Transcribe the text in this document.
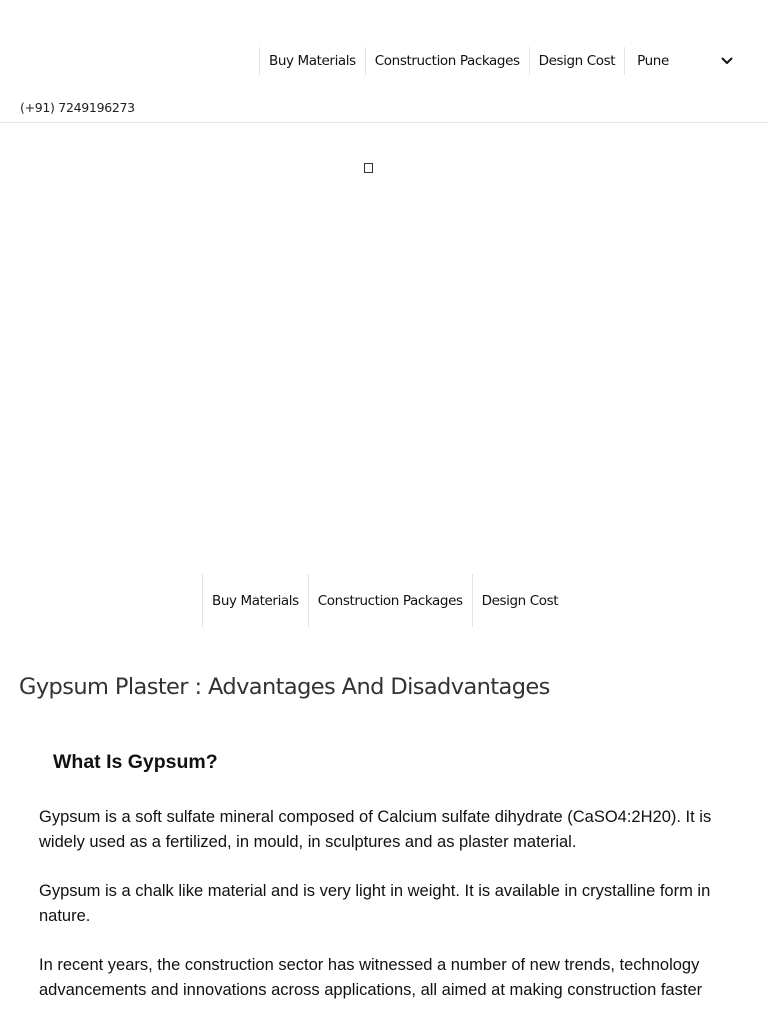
Buy Materials	Construction Packages	Design Cost	Pune
(+91) 7249196273
Buy Materials	Construction Packages	Design Cost
Gypsum Plaster : Advantages And Disadvantages
What Is Gypsum?

Gypsum is a soft sulfate mineral composed of Calcium sulfate dihydrate (CaSO4:2H20). It is widely used as a fertilized, in mould, in sculptures and as plaster material.

Gypsum is a chalk like material and is very light in weight. It is available in crystalline form in nature.

In recent years, the construction sector has witnessed a number of new trends, technology advancements and innovations across applications, all aimed at making construction faster
